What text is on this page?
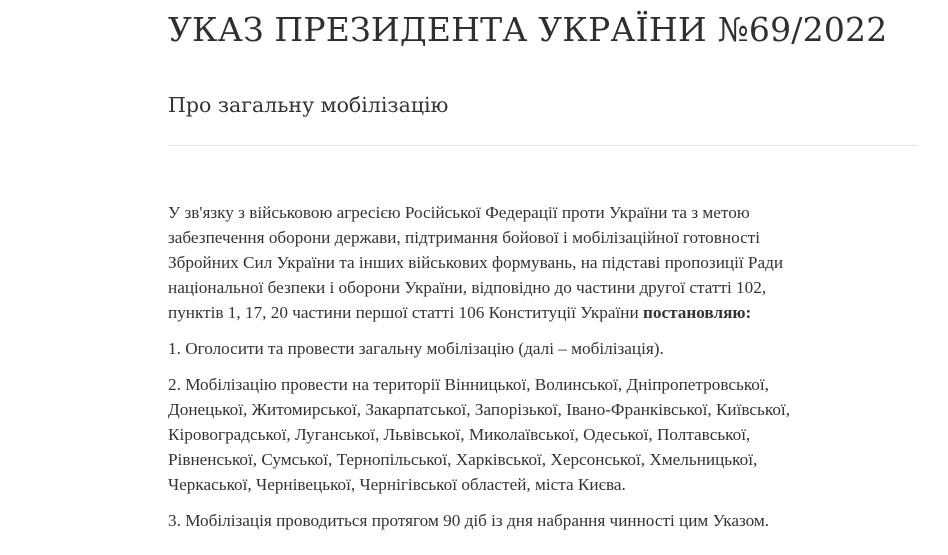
УКАЗ ПРЕЗИДЕНТА УКРАЇНИ №69/2022
Про загальну мобілізацію

У зв'язку з військовою агресією Російської Федерації проти України та з метою
забезпечення оборони держави, підтримання бойової і мобілізаційної готовності
Збройних Сил України та інших військових формувань, на підставі пропозиції Ради
національної безпеки і оборони України, відповідно до частини другої статті 102,
пунктів 1, 17, 20 частини першої статті 106 Конституції України постановляю:

1. Оголосити та провести загальну мобілізацію (далі – мобілізація).

2. Мобілізацію провести на території Вінницької, Волинської, Дніпропетровської,
Донецької, Житомирської, Закарпатської, Запорізької, Івано-Франківської, Київської,
Кіровоградської, Луганської, Львівської, Миколаївської, Одеської, Полтавської,
Рівненської, Сумської, Тернопільської, Харківської, Херсонської, Хмельницької,
Черкаської, Чернівецької, Чернігівської областей, міста Києва.

3. Мобілізація проводиться протягом 90 діб із дня набрання чинності цим Указом.
